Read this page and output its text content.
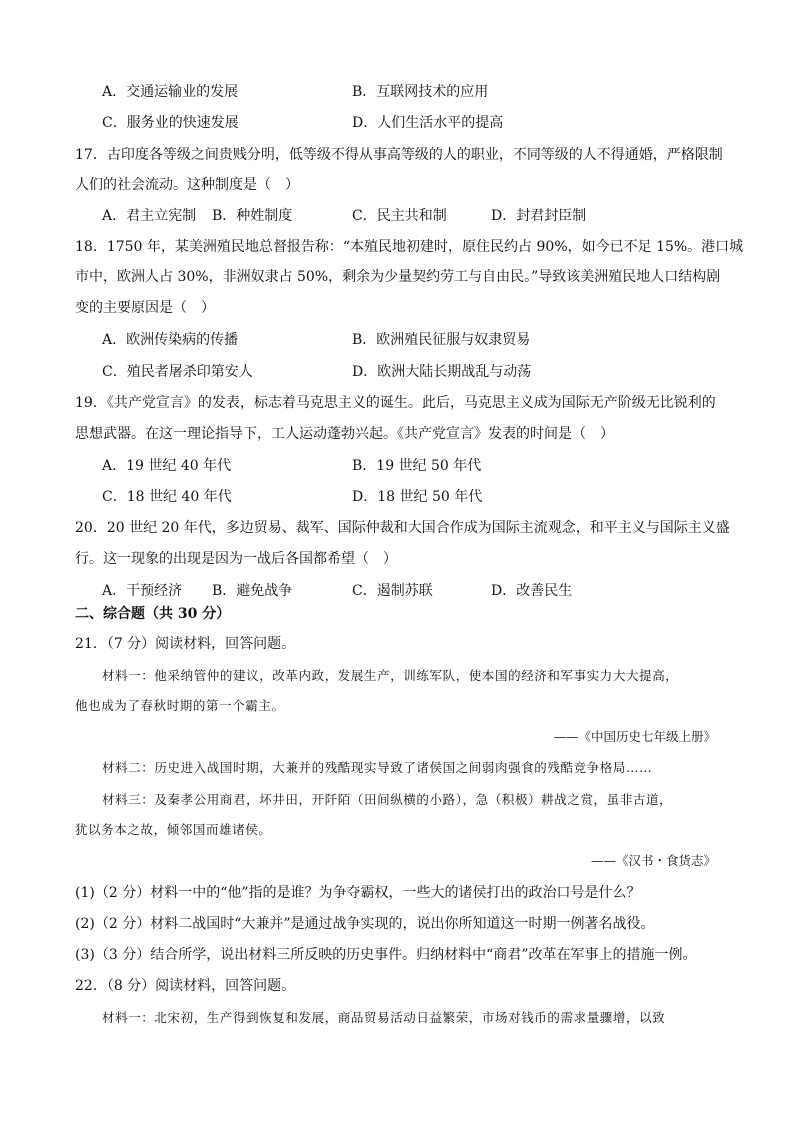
A．交通运输业的发展	B．互联网技术的应用
C．服务业的快速发展	D．人们生活水平的提高
17．古印度各等级之间贵贱分明，低等级不得从事高等级的人的职业，不同等级的人不得通婚，严格限制
人们的社会流动。这种制度是（　）
A．君主立宪制 B．种姓制度	C．民主共和制	D．封君封臣制
18．1750 年，某美洲殖民地总督报告称：“本殖民地初建时，原住民约占 90%，如今已不足 15%。港口城
市中，欧洲人占 30%，非洲奴隶占 50%，剩余为少量契约劳工与自由民。”导致该美洲殖民地人口结构剧
变的主要原因是（　）
A．欧洲传染病的传播	B．欧洲殖民征服与奴隶贸易
C．殖民者屠杀印第安人	D．欧洲大陆长期战乱与动荡
19．《共产党宣言》的发表，标志着马克思主义的诞生。此后，马克思主义成为国际无产阶级无比锐利的
思想武器。在这一理论指导下，工人运动蓬勃兴起。《共产党宣言》发表的时间是（　）
A．19 世纪 40 年代	B．19 世纪 50 年代
C．18 世纪 40 年代	D．18 世纪 50 年代
20．20 世纪 20 年代，多边贸易、裁军、国际仲裁和大国合作成为国际主流观念，和平主义与国际主义盛
行。这一现象的出现是因为一战后各国都希望（　）
A．干预经济 B．避免战争	C．遏制苏联	D．改善民生
二、综合题（共 30 分）
21．（7 分）阅读材料，回答问题。
材料一：他采纳管仲的建议，改革内政，发展生产，训练军队，使本国的经济和军事实力大大提高，
他也成为了春秋时期的第一个霸主。
——《中国历史七年级上册》
材料二：历史进入战国时期，大兼并的残酷现实导致了诸侯国之间弱肉强食的残酷竞争格局……
材料三：及秦孝公用商君，坏井田，开阡陌（田间纵横的小路），急（积极）耕战之赏，虽非古道，
犹以务本之故，倾邻国而雄诸侯。
——《汉书・食货志》
(1)（2 分）材料一中的“他”指的是谁？为争夺霸权，一些大的诸侯打出的政治口号是什么？
(2)（2 分）材料二战国时“大兼并”是通过战争实现的，说出你所知道这一时期一例著名战役。
(3)（3 分）结合所学，说出材料三所反映的历史事件。归纳材料中“商君”改革在军事上的措施一例。
22．（8 分）阅读材料，回答问题。
材料一：北宋初，生产得到恢复和发展，商品贸易活动日益繁荣，市场对钱币的需求量骤增，以致
